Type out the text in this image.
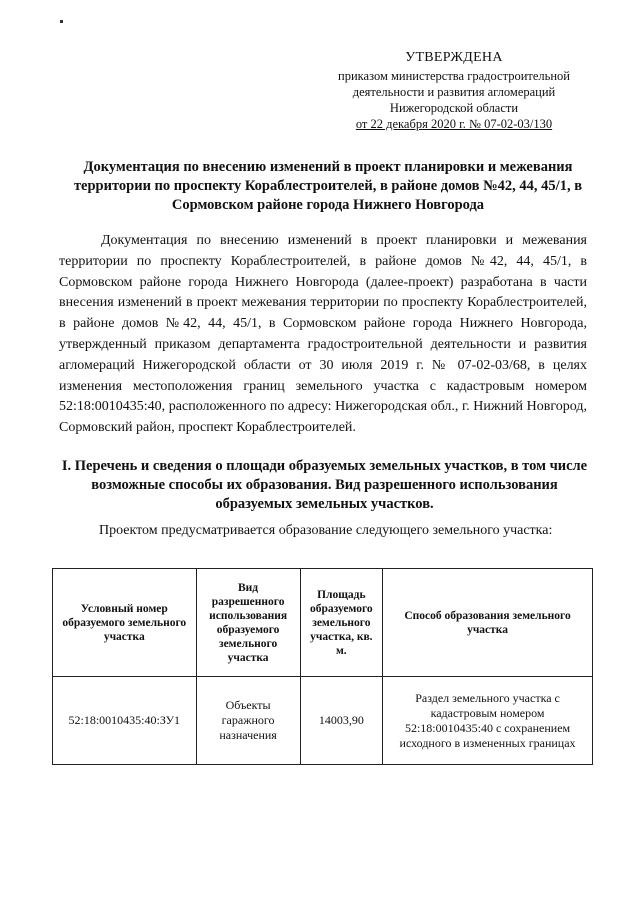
УТВЕРЖДЕНА
приказом министерства градостроительной
деятельности и развития агломераций
Нижегородской области
от 22 декабря 2020 г. № 07-02-03/130
Документация по внесению изменений в проект планировки и межевания территории по проспекту Кораблестроителей, в районе домов №42, 44, 45/1, в Сормовском районе города Нижнего Новгорода
Документация по внесению изменений в проект планировки и межевания территории по проспекту Кораблестроителей, в районе домов №42, 44, 45/1, в Сормовском районе города Нижнего Новгорода (далее-проект) разработана в части внесения изменений в проект межевания территории по проспекту Кораблестроителей, в районе домов №42, 44, 45/1, в Сормовском районе города Нижнего Новгорода, утвержденный приказом департамента градостроительной деятельности и развития агломераций Нижегородской области от 30 июля 2019 г. № 07-02-03/68, в целях изменения местоположения границ земельного участка с кадастровым номером 52:18:0010435:40, расположенного по адресу: Нижегородская обл., г. Нижний Новгород, Сормовский район, проспект Кораблестроителей.
I. Перечень и сведения о площади образуемых земельных участков, в том числе возможные способы их образования. Вид разрешенного использования образуемых земельных участков.
Проектом предусматривается образование следующего земельного участка:
Условный номер образуемого земельного участка	Вид разрешенного использования образуемого земельного участка	Площадь образуемого земельного участка, кв. м.	Способ образования земельного участка
52:18:0010435:40:ЗУ1	Объекты гаражного назначения	14003,90	Раздел земельного участка с кадастровым номером 52:18:0010435:40 с сохранением исходного в измененных границах
